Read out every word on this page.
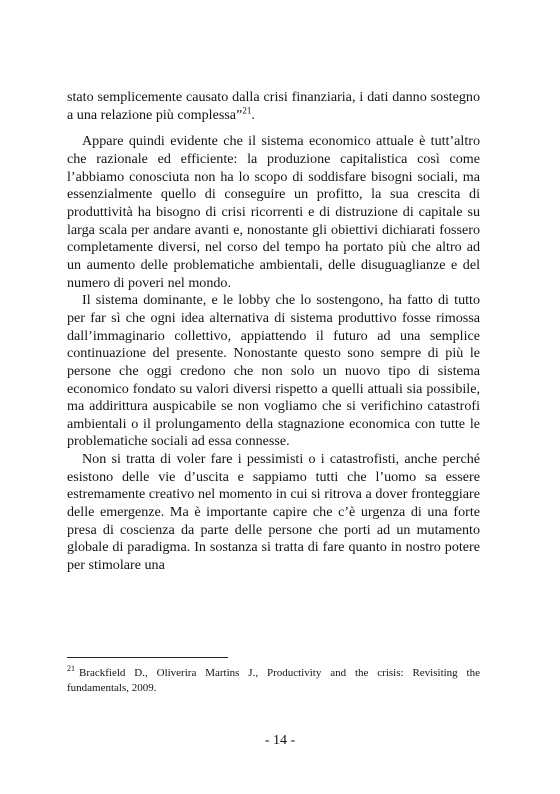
stato semplicemente causato dalla crisi finanziaria, i dati danno sostegno a una relazione più complessa”$^{21}$.

Appare quindi evidente che il sistema economico attuale è tutt’altro che razionale ed efficiente: la produzione capitalistica così come l’abbiamo conosciuta non ha lo scopo di soddisfare bisogni sociali, ma essenzialmente quello di conseguire un profitto, la sua crescita di produttività ha bisogno di crisi ricorrenti e di distruzione di capitale su larga scala per andare avanti e, nonostante gli obiettivi dichiarati fossero completamente diversi, nel corso del tempo ha portato più che altro ad un aumento delle problematiche ambientali, delle disuguaglianze e del numero di poveri nel mondo.

Il sistema dominante, e le lobby che lo sostengono, ha fatto di tutto per far sì che ogni idea alternativa di sistema produttivo fosse rimossa dall’immaginario collettivo, appiattendo il futuro ad una semplice continuazione del presente. Nonostante questo sono sempre di più le persone che oggi credono che non solo un nuovo tipo di sistema economico fondato su valori diversi rispetto a quelli attuali sia possibile, ma addirittura auspicabile se non vogliamo che si verifichino catastrofi ambientali o il prolungamento della stagnazione economica con tutte le problematiche sociali ad essa connesse.

Non si tratta di voler fare i pessimisti o i catastrofisti, anche perché esistono delle vie d’uscita e sappiamo tutti che l’uomo sa essere estremamente creativo nel momento in cui si ritrova a dover fronteggiare delle emergenze. Ma è importante capire che c’è urgenza di una forte presa di coscienza da parte delle persone che porti ad un mutamento globale di paradigma. In sostanza si tratta di fare quanto in nostro potere per stimolare una

$^{21}$ Brackfield D., Oliverira Martins J., Productivity and the crisis: Revisiting the fundamentals, 2009.
- 14 -
